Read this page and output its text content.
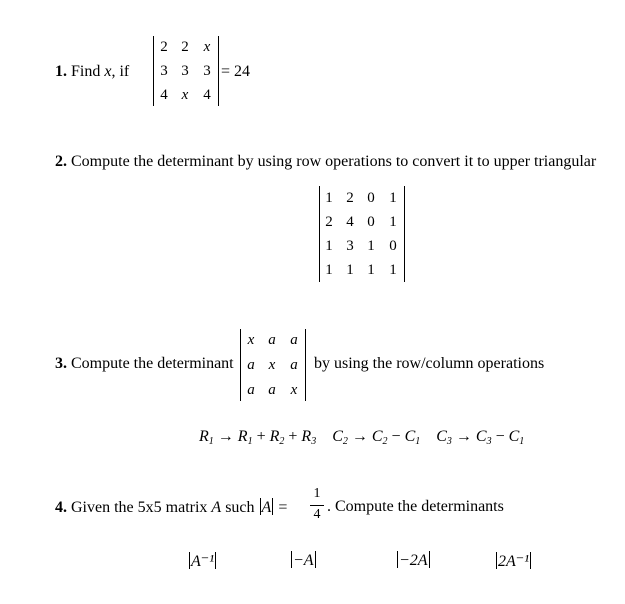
1. Find x, if
2 2 x
3 3 3
4 x 4
= 24
2. Compute the determinant by using row operations to convert it to upper triangular
1 2 0 1
2 4 0 1
1 3 1 0
1 1 1 1
3. Compute the determinant
x a a
a x a
a a x
by using the row/column operations
$R_1 \to R_1 + R_2 + R_3$ $C_2 \to C_2 - C_1$ $C_3 \to C_3 - C_1$
4. Given the 5x5 matrix A such A =
1
4 . Compute the determinants
A⁻¹	−A	−2A	2A⁻¹
